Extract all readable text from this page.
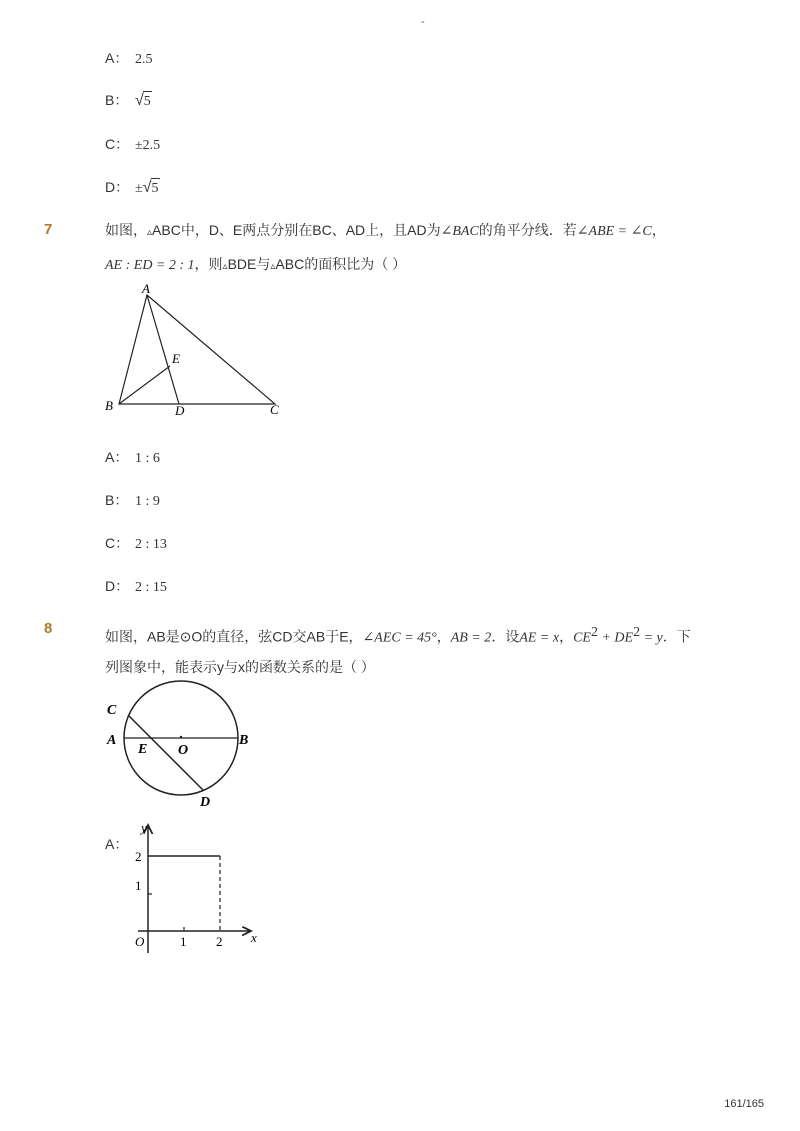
-
A： 2.5
B： √
5
C： ±2.5
D： ±√
5
7	如图，▵ABC中，D、E两点分别在BC、AD上，且AD为∠BAC的角平分线．若∠ABE = ∠C，
AE : ED = 2 : 1，则▵BDE与▵ABC的面积比为（ ）
A
B	C
D
E
A： 1 : 6
B： 1 : 9
C： 2 : 13
D： 2 : 15
8	如图，AB是⊙O的直径，弦CD交AB于E，∠AEC = 45°，AB = 2．设AE = x，$CE^2 + DE^2 = y$．下
列图象中，能表示y与x的函数关系的是（ ）
C
A	B
E O
D
A：
y
x
O	1 2
1
2
161/165
